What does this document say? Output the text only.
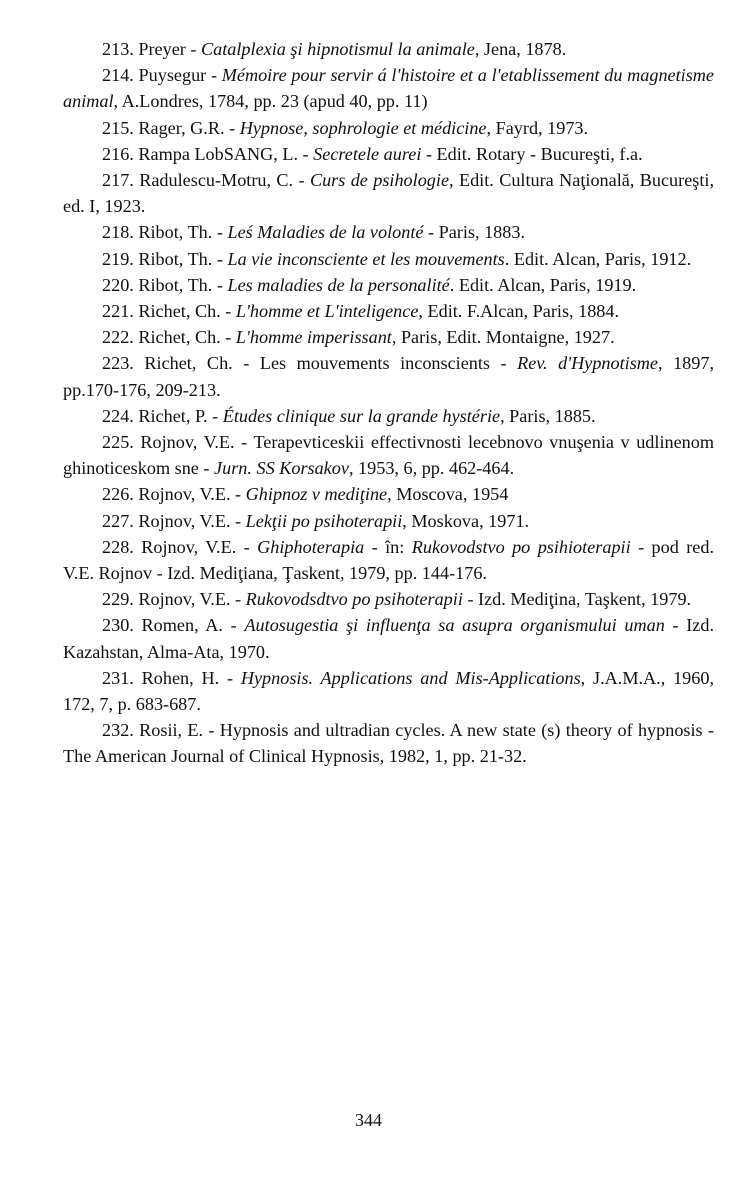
213. Preyer - Catalplexia şi hipnotismul la animale, Jena, 1878.

214. Puysegur - Mémoire pour servir á l'histoire et a l'etablissement du magnetisme animal, A.Londres, 1784, pp. 23 (apud 40, pp. 11)

215. Rager, G.R. - Hypnose, sophrologie et médicine, Fayrd, 1973.

216. Rampa LobSANG, L. - Secretele aurei - Edit. Rotary - Bucureşti, f.a.

217. Radulescu-Motru, C. - Curs de psihologie, Edit. Cultura Naţională, Bucureşti, ed. I, 1923.

218. Ribot, Th. - Leś Maladies de la volonté - Paris, 1883.

219. Ribot, Th. - La vie inconsciente et les mouvements. Edit. Alcan, Paris, 1912.

220. Ribot, Th. - Les maladies de la personalité. Edit. Alcan, Paris, 1919.

221. Richet, Ch. - L'homme et L'inteligence, Edit. F.Alcan, Paris, 1884.

222. Richet, Ch. - L'homme imperissant, Paris, Edit. Montaigne, 1927.

223. Richet, Ch. - Les mouvements inconscients - Rev. d'Hypnotisme, 1897, pp.170-176, 209-213.

224. Richet, P. - Études clinique sur la grande hystérie, Paris, 1885.

225. Rojnov, V.E. - Terapevticeskii effectivnosti lecebnovo vnuşenia v udlinenom ghinoticeskom sne - Jurn. SS Korsakov, 1953, 6, pp. 462-464.

226. Rojnov, V.E. - Ghipnoz v mediţine, Moscova, 1954

227. Rojnov, V.E. - Lekţii po psihoterapii, Moskova, 1971.

228. Rojnov, V.E. - Ghiphoterapia - în: Rukovodstvo po psihioterapii - pod red. V.E. Rojnov - Izd. Mediţiana, Ţaskent, 1979, pp. 144-176.

229. Rojnov, V.E. - Rukovodsdtvo po psihoterapii - Izd. Mediţina, Taşkent, 1979.

230. Romen, A. - Autosugestia şi influenţa sa asupra organismului uman - Izd. Kazahstan, Alma-Ata, 1970.

231. Rohen, H. - Hypnosis. Applications and Mis-Applications, J.A.M.A., 1960, 172, 7, p. 683-687.

232. Rosii, E. - Hypnosis and ultradian cycles. A new state (s) theory of hypnosis - The American Journal of Clinical Hypnosis, 1982, 1, pp. 21-32.

344
